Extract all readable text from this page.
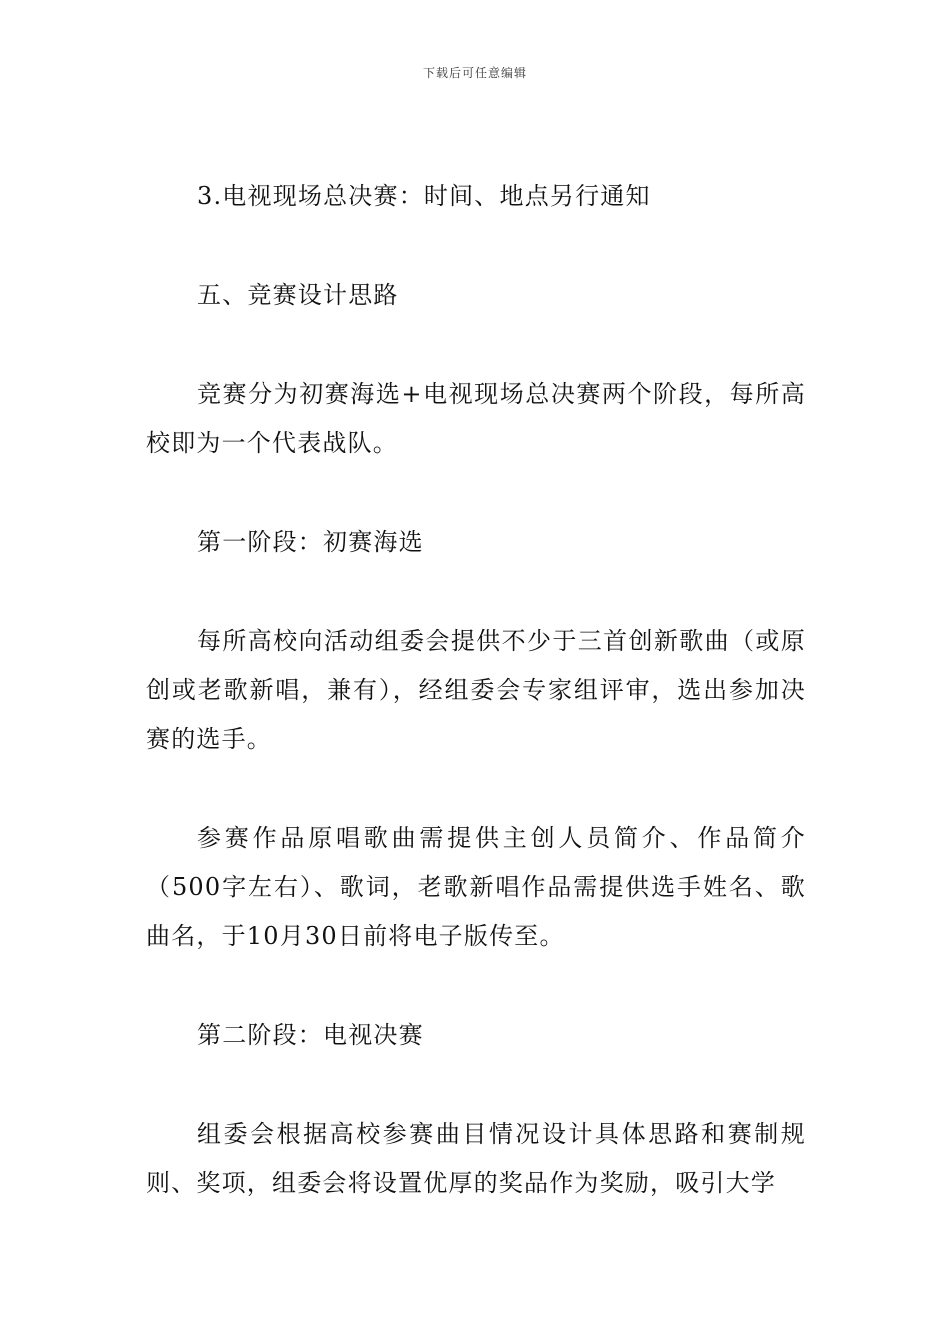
下载后可任意编辑

3.电视现场总决赛：时间、地点另行通知

五、竞赛设计思路

竞赛分为初赛海选+电视现场总决赛两个阶段，每所高校即为一个代表战队。

第一阶段：初赛海选

每所高校向活动组委会提供不少于三首创新歌曲（或原创或老歌新唱，兼有），经组委会专家组评审，选出参加决赛的选手。

参赛作品原唱歌曲需提供主创人员简介、作品简介（500字左右）、歌词，老歌新唱作品需提供选手姓名、歌曲名，于10月30日前将电子版传至。

第二阶段：电视决赛

组委会根据高校参赛曲目情况设计具体思路和赛制规则、奖项，组委会将设置优厚的奖品作为奖励，吸引大学
